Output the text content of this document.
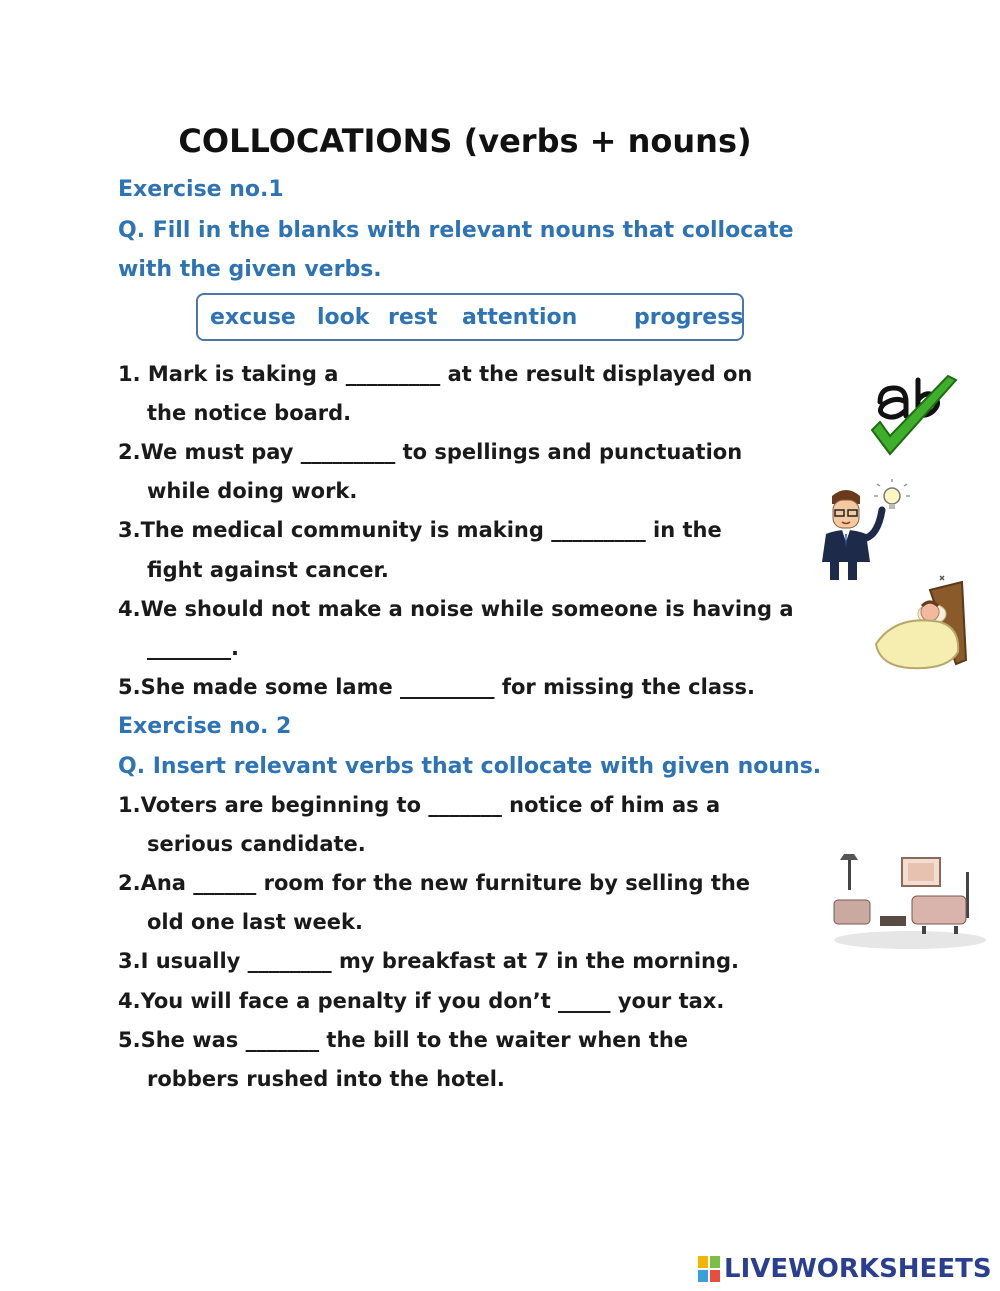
COLLOCATIONS (verbs + nouns)
Exercise no.1
Q. Fill in the blanks with relevant nouns that collocate
with the given verbs.
excuse look rest attention	progress
1. Mark is taking a _________ at the result displayed on
the notice board.
2.We must pay _________ to spellings and punctuation
while doing work.
3.The medical community is making _________ in the
fight against cancer.
4.We should not make a noise while someone is having a
________.
5.She made some lame _________ for missing the class.
Exercise no. 2
Q. Insert relevant verbs that collocate with given nouns.
1.Voters are beginning to _______ notice of him as a
serious candidate.
2.Ana ______ room for the new furniture by selling the
old one last week.
3.I usually ________ my breakfast at 7 in the morning.
4.You will face a penalty if you don’t _____ your tax.
5.She was _______ the bill to the waiter when the
robbers rushed into the hotel.
LIVEWORKSHEETS
